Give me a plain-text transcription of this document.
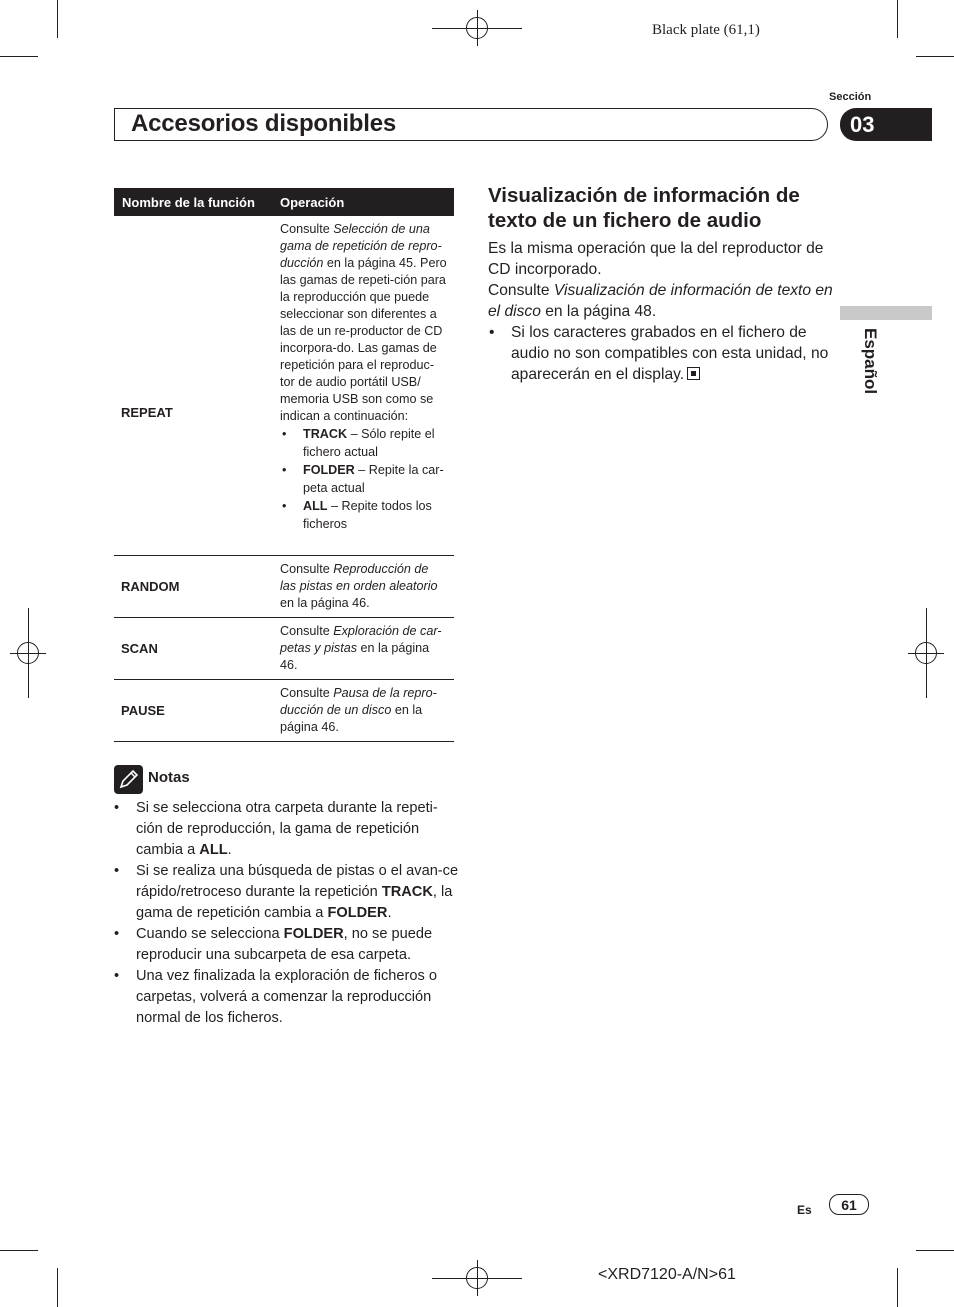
Black plate (61,1)
Sección
Accesorios disponibles	03
Español
Nombre de la función Operación
REPEAT
Consulte Selección de una gama de repetición de repro-ducción en la página 45. Pero las gamas de repeti-ción para la reproducción que puede seleccionar son diferentes a las de un re-productor de CD incorpora-do. Las gamas de repetición para el reproduc-tor de audio portátil USB/ memoria USB son como se indican a continuación:
• TRACK – Sólo repite el fichero actual
• FOLDER – Repite la car-peta actual
• ALL – Repite todos los ficheros
RANDOM
Consulte Reproducción de las pistas en orden aleatorio en la página 46.
SCAN
Consulte Exploración de car-petas y pistas en la página 46.
PAUSE
Consulte Pausa de la repro-ducción de un disco en la página 46.
Notas
• Si se selecciona otra carpeta durante la repeti-ción de reproducción, la gama de repetición cambia a ALL.
• Si se realiza una búsqueda de pistas o el avan-ce rápido/retroceso durante la repetición TRACK, la gama de repetición cambia a FOLDER.
• Cuando se selecciona FOLDER, no se puede reproducir una subcarpeta de esa carpeta.
• Una vez finalizada la exploración de ficheros o carpetas, volverá a comenzar la reproducción normal de los ficheros.
Visualización de información de texto de un fichero de audio
Es la misma operación que la del reproductor de CD incorporado.
Consulte Visualización de información de texto en el disco en la página 48.
• Si los caracteres grabados en el fichero de audio no son compatibles con esta unidad, no aparecerán en el display.
Es	61
<XRD7120-A/N>61
